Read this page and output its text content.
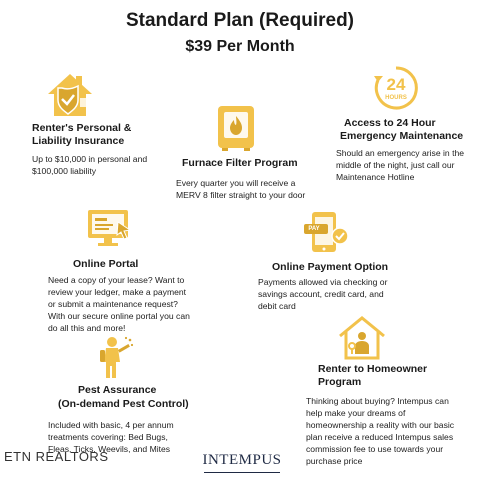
Standard Plan (Required)
$39 Per Month
Renter's Personal &
Liability Insurance
Up to $10,000 in personal and
$100,000 liability
Furnace Filter Program
Every quarter you will receive a
MERV 8 filter straight to your door
24
HOURS
Access to 24 Hour
Emergency Maintenance
Should an emergency arise in the
middle of the night, just call our
Maintenance Hotline
Online Portal
Need a copy of your lease? Want to
review your ledger, make a payment
or submit a maintenance request?
With our secure online portal you can
do all this and more!
PAY
Online Payment Option
Payments allowed via checking or
savings account, credit card, and
debit card
Pest Assurance
(On-demand Pest Control)
Included with basic, 4 per annum
treatments covering: Bed Bugs,
Fleas, Ticks, Weevils, and Mites
Renter to Homeowner
Program
Thinking about buying? Intempus can
help make your dreams of
homeownership a reality with our basic
plan receive a reduced Intempus sales
commission fee to use towards your
purchase price
ETN REALTORS	INTEMPUS
